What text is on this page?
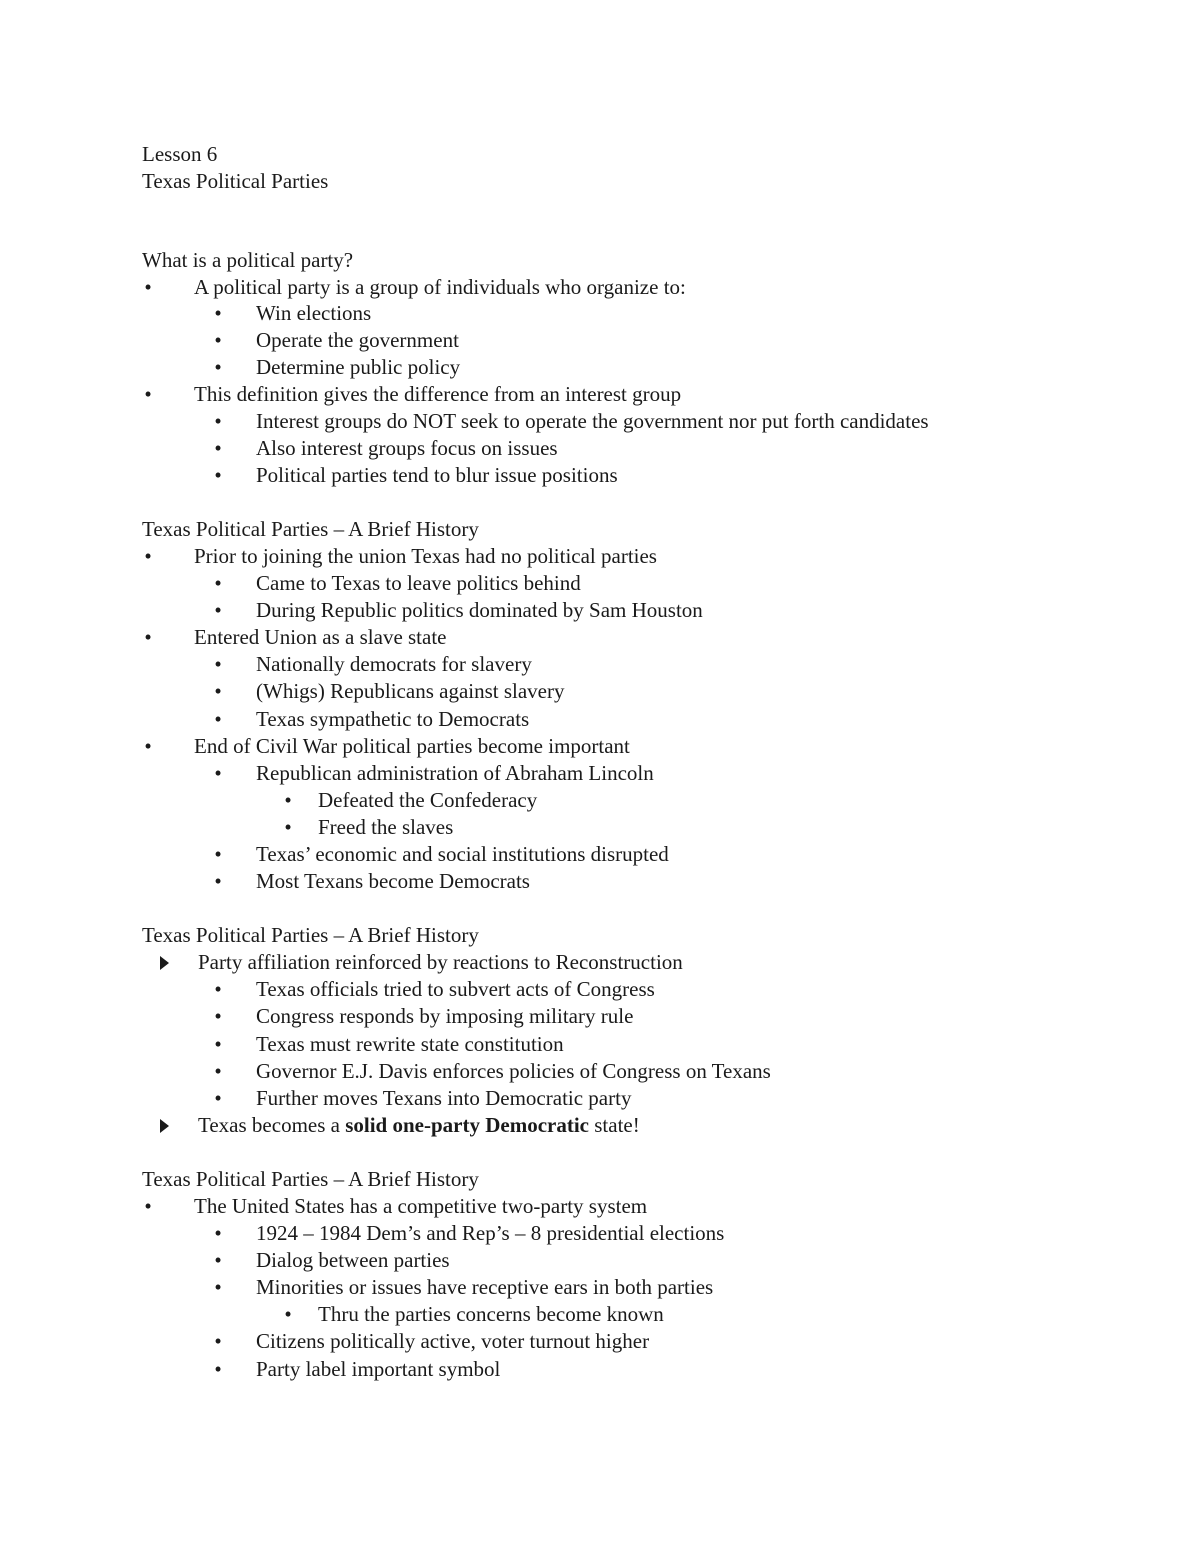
Lesson 6
Texas Political Parties
What is a political party?
• A political party is a group of individuals who organize to:
• Win elections
• Operate the government
• Determine public policy
• This definition gives the difference from an interest group
• Interest groups do NOT seek to operate the government nor put forth candidates
• Also interest groups focus on issues
• Political parties tend to blur issue positions
Texas Political Parties – A Brief History
• Prior to joining the union Texas had no political parties
• Came to Texas to leave politics behind
• During Republic politics dominated by Sam Houston
• Entered Union as a slave state
• Nationally democrats for slavery
• (Whigs) Republicans against slavery
• Texas sympathetic to Democrats
• End of Civil War political parties become important
• Republican administration of Abraham Lincoln
• Defeated the Confederacy
• Freed the slaves
• Texas’ economic and social institutions disrupted
• Most Texans become Democrats
Texas Political Parties – A Brief History
Party affiliation reinforced by reactions to Reconstruction
• Texas officials tried to subvert acts of Congress
• Congress responds by imposing military rule
• Texas must rewrite state constitution
• Governor E.J. Davis enforces policies of Congress on Texans
• Further moves Texans into Democratic party
Texas becomes a solid one-party Democratic state!
Texas Political Parties – A Brief History
• The United States has a competitive two-party system
• 1924 – 1984 Dem’s and Rep’s – 8 presidential elections
• Dialog between parties
• Minorities or issues have receptive ears in both parties
• Thru the parties concerns become known
• Citizens politically active, voter turnout higher
• Party label important symbol
